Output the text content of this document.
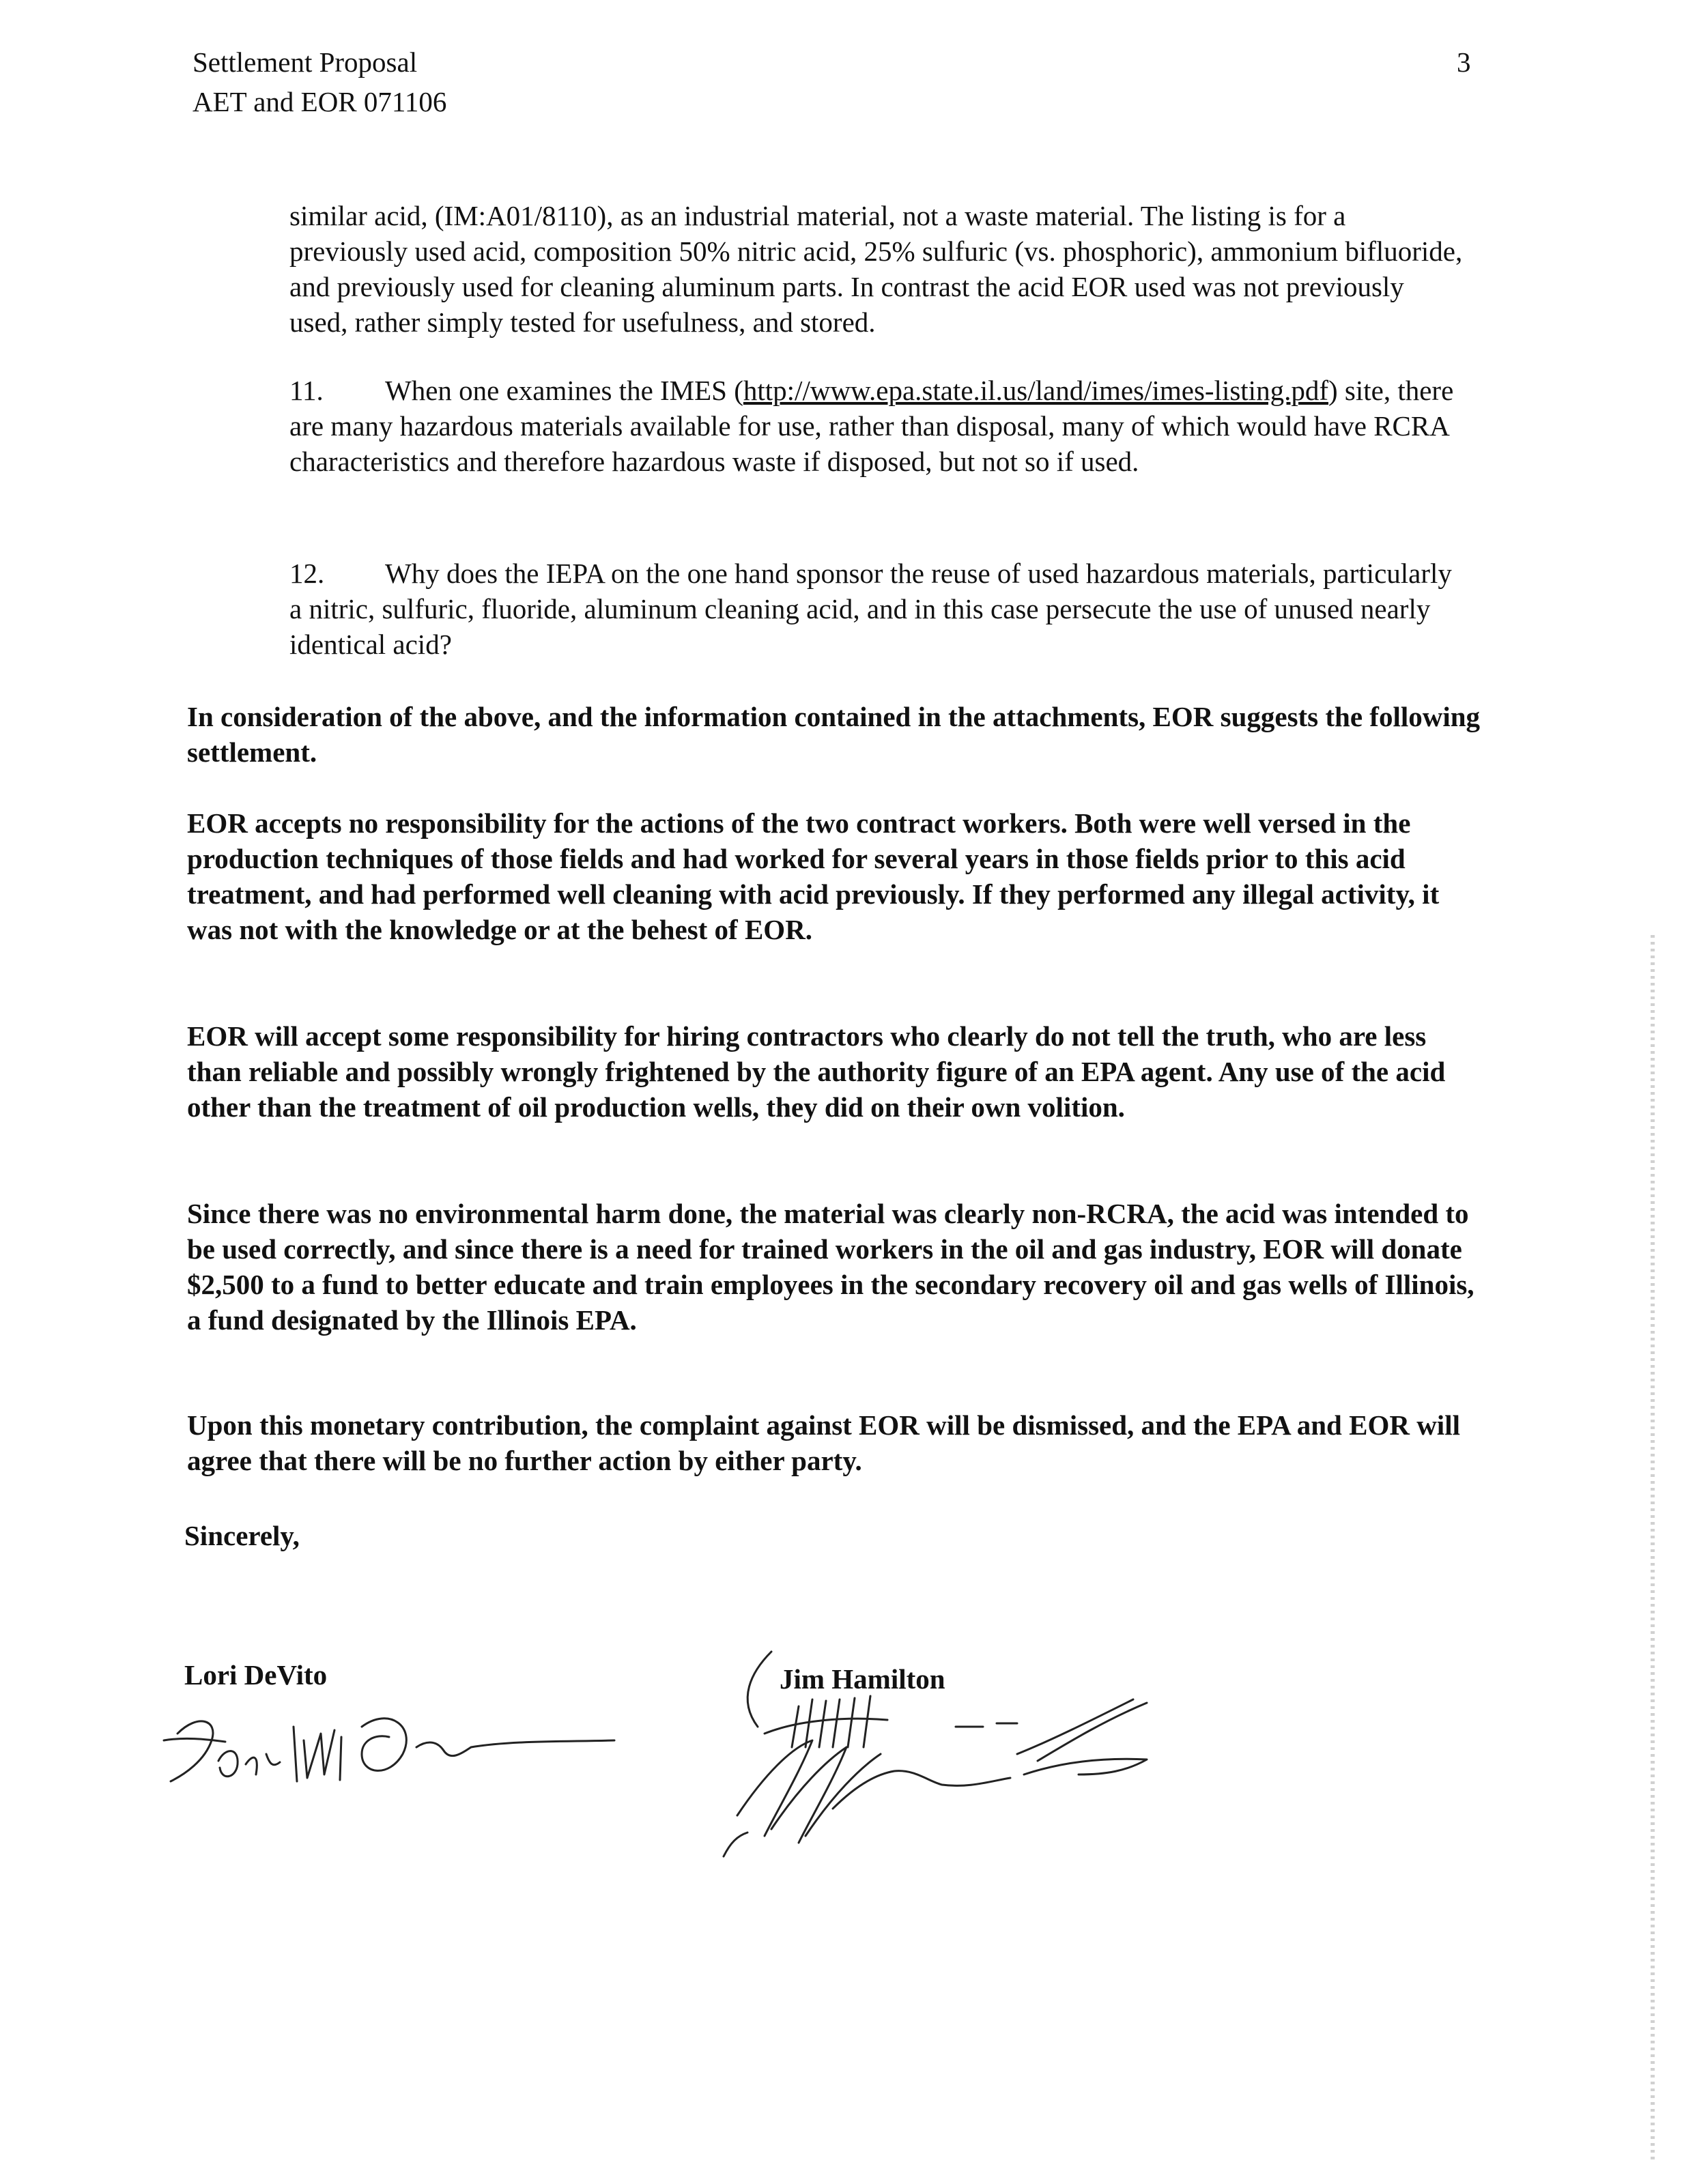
Settlement Proposal
AET and EOR 071106
3

similar acid, (IM:A01/8110), as an industrial material, not a waste material. The listing is for a previously used acid, composition 50% nitric acid, 25% sulfuric (vs. phosphoric), ammonium bifluoride, and previously used for cleaning aluminum parts. In contrast the acid EOR used was not previously used, rather simply tested for usefulness, and stored.

11. When one examines the IMES (http://www.epa.state.il.us/land/imes/imes-listing.pdf) site, there are many hazardous materials available for use, rather than disposal, many of which would have RCRA characteristics and therefore hazardous waste if disposed, but not so if used.

12. Why does the IEPA on the one hand sponsor the reuse of used hazardous materials, particularly a nitric, sulfuric, fluoride, aluminum cleaning acid, and in this case persecute the use of unused nearly identical acid?

In consideration of the above, and the information contained in the attachments, EOR suggests the following settlement.
EOR accepts no responsibility for the actions of the two contract workers. Both were well versed in the production techniques of those fields and had worked for several years in those fields prior to this acid treatment, and had performed well cleaning with acid previously. If they performed any illegal activity, it was not with the knowledge or at the behest of EOR.
EOR will accept some responsibility for hiring contractors who clearly do not tell the truth, who are less than reliable and possibly wrongly frightened by the authority figure of an EPA agent. Any use of the acid other than the treatment of oil production wells, they did on their own volition.
Since there was no environmental harm done, the material was clearly non-RCRA, the acid was intended to be used correctly, and since there is a need for trained workers in the oil and gas industry, EOR will donate $2,500 to a fund to better educate and train employees in the secondary recovery oil and gas wells of Illinois, a fund designated by the Illinois EPA.
Upon this monetary contribution, the complaint against EOR will be dismissed, and the EPA and EOR will agree that there will be no further action by either party.
Sincerely,
Lori DeVito	Jim Hamilton
